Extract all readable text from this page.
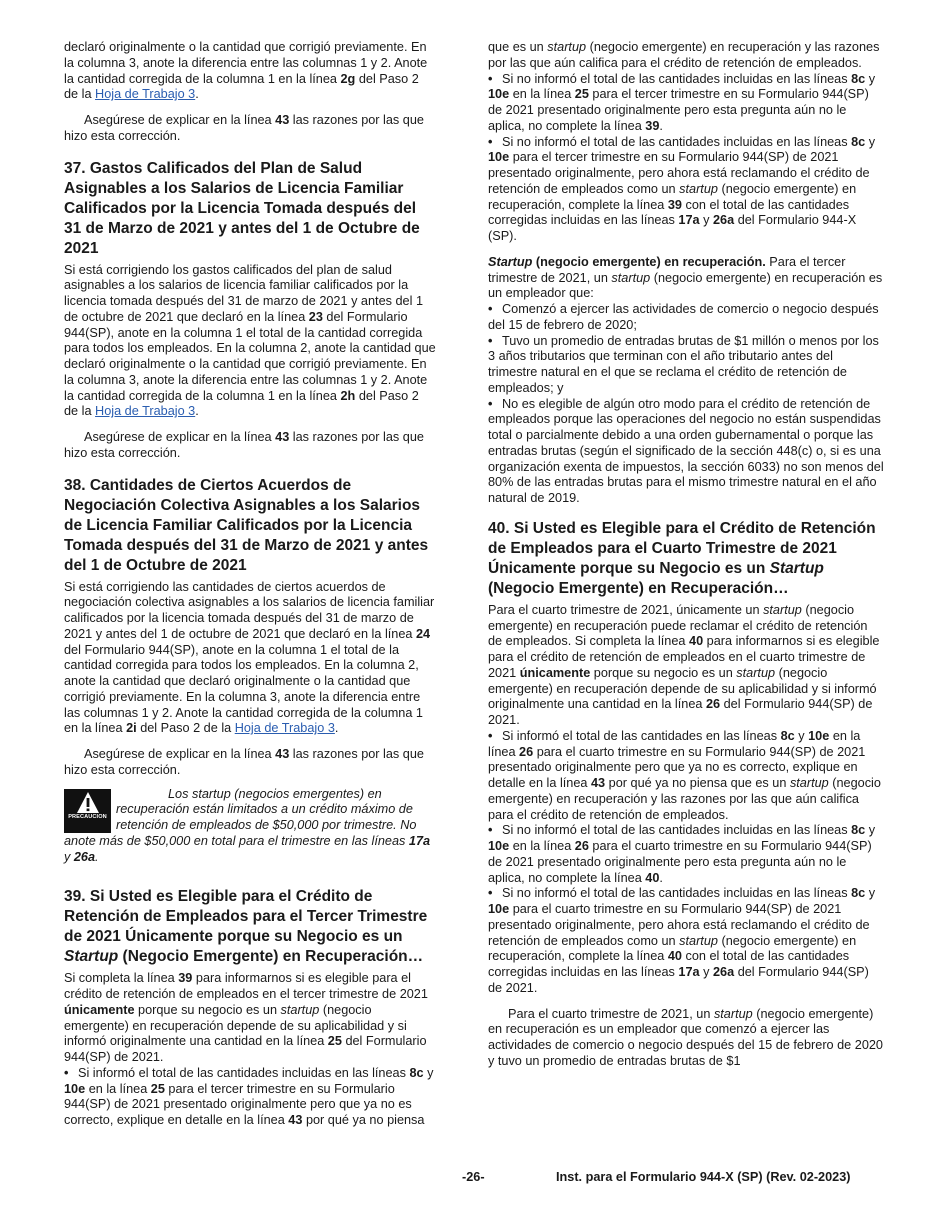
declaró originalmente o la cantidad que corrigió previamente. En la columna 3, anote la diferencia entre las columnas 1 y 2. Anote la cantidad corregida de la columna 1 en la línea 2g del Paso 2 de la Hoja de Trabajo 3.

Asegúrese de explicar en la línea 43 las razones por las que hizo esta corrección.

37. Gastos Calificados del Plan de Salud Asignables a los Salarios de Licencia Familiar Calificados por la Licencia Tomada después del 31 de Marzo de 2021 y antes del 1 de Octubre de 2021

Si está corrigiendo los gastos calificados del plan de salud asignables a los salarios de licencia familiar calificados por la licencia tomada después del 31 de marzo de 2021 y antes del 1 de octubre de 2021 que declaró en la línea 23 del Formulario 944(SP), anote en la columna 1 el total de la cantidad corregida para todos los empleados. En la columna 2, anote la cantidad que declaró originalmente o la cantidad que corrigió previamente. En la columna 3, anote la diferencia entre las columnas 1 y 2. Anote la cantidad corregida de la columna 1 en la línea 2h del Paso 2 de la Hoja de Trabajo 3.

Asegúrese de explicar en la línea 43 las razones por las que hizo esta corrección.

38. Cantidades de Ciertos Acuerdos de Negociación Colectiva Asignables a los Salarios de Licencia Familiar Calificados por la Licencia Tomada después del 31 de Marzo de 2021 y antes del 1 de Octubre de 2021

Si está corrigiendo las cantidades de ciertos acuerdos de negociación colectiva asignables a los salarios de licencia familiar calificados por la licencia tomada después del 31 de marzo de 2021 y antes del 1 de octubre de 2021 que declaró en la línea 24 del Formulario 944(SP), anote en la columna 1 el total de la cantidad corregida para todos los empleados. En la columna 2, anote la cantidad que declaró originalmente o la cantidad que corrigió previamente. En la columna 3, anote la diferencia entre las columnas 1 y 2. Anote la cantidad corregida de la columna 1 en la línea 2i del Paso 2 de la Hoja de Trabajo 3.

Asegúrese de explicar en la línea 43 las razones por las que hizo esta corrección.

PRECAUCION

Los startup (negocios emergentes) en recuperación están limitados a un crédito máximo de retención de empleados de $50,000 por trimestre. No anote más de $50,000 en total para el trimestre en las líneas 17a y 26a.

39. Si Usted es Elegible para el Crédito de Retención de Empleados para el Tercer Trimestre de 2021 Únicamente porque su Negocio es un Startup (Negocio Emergente) en Recuperación…

Si completa la línea 39 para informarnos si es elegible para el crédito de retención de empleados en el tercer trimestre de 2021 únicamente porque su negocio es un startup (negocio emergente) en recuperación depende de su aplicabilidad y si informó originalmente una cantidad en la línea 25 del Formulario 944(SP) de 2021.

• Si informó el total de las cantidades incluidas en las líneas 8c y 10e en la línea 25 para el tercer trimestre en su Formulario 944(SP) de 2021 presentado originalmente pero que ya no es correcto, explique en detalle en la línea 43 por qué ya no piensa

que es un startup (negocio emergente) en recuperación y las razones por las que aún califica para el crédito de retención de empleados.

• Si no informó el total de las cantidades incluidas en las líneas 8c y 10e en la línea 25 para el tercer trimestre en su Formulario 944(SP) de 2021 presentado originalmente pero esta pregunta aún no le aplica, no complete la línea 39.

• Si no informó el total de las cantidades incluidas en las líneas 8c y 10e para el tercer trimestre en su Formulario 944(SP) de 2021 presentado originalmente, pero ahora está reclamando el crédito de retención de empleados como un startup (negocio emergente) en recuperación, complete la línea 39 con el total de las cantidades corregidas incluidas en las líneas 17a y 26a del Formulario 944-X (SP).

Startup (negocio emergente) en recuperación. Para el tercer trimestre de 2021, un startup (negocio emergente) en recuperación es un empleador que:

• Comenzó a ejercer las actividades de comercio o negocio después del 15 de febrero de 2020;

• Tuvo un promedio de entradas brutas de $1 millón o menos por los 3 años tributarios que terminan con el año tributario antes del trimestre natural en el que se reclama el crédito de retención de empleados; y

• No es elegible de algún otro modo para el crédito de retención de empleados porque las operaciones del negocio no están suspendidas total o parcialmente debido a una orden gubernamental o porque las entradas brutas (según el significado de la sección 448(c) o, si es una organización exenta de impuestos, la sección 6033) no son menos del 80% de las entradas brutas para el mismo trimestre natural en el año natural de 2019.

40. Si Usted es Elegible para el Crédito de Retención de Empleados para el Cuarto Trimestre de 2021 Únicamente porque su Negocio es un Startup (Negocio Emergente) en Recuperación…

Para el cuarto trimestre de 2021, únicamente un startup (negocio emergente) en recuperación puede reclamar el crédito de retención de empleados. Si completa la línea 40 para informarnos si es elegible para el crédito de retención de empleados en el cuarto trimestre de 2021 únicamente porque su negocio es un startup (negocio emergente) en recuperación depende de su aplicabilidad y si informó originalmente una cantidad en la línea 26 del Formulario 944(SP) de 2021.

• Si informó el total de las cantidades en las líneas 8c y 10e en la línea 26 para el cuarto trimestre en su Formulario 944(SP) de 2021 presentado originalmente pero que ya no es correcto, explique en detalle en la línea 43 por qué ya no piensa que es un startup (negocio emergente) en recuperación y las razones por las que aún califica para el crédito de retención de empleados.

• Si no informó el total de las cantidades incluidas en las líneas 8c y 10e en la línea 26 para el cuarto trimestre en su Formulario 944(SP) de 2021 presentado originalmente pero esta pregunta aún no le aplica, no complete la línea 40.

• Si no informó el total de las cantidades incluidas en las líneas 8c y 10e para el cuarto trimestre en su Formulario 944(SP) de 2021 presentado originalmente, pero ahora está reclamando el crédito de retención de empleados como un startup (negocio emergente) en recuperación, complete la línea 40 con el total de las cantidades corregidas incluidas en las líneas 17a y 26a del Formulario 944(SP) de 2021.

Para el cuarto trimestre de 2021, un startup (negocio emergente) en recuperación es un empleador que comenzó a ejercer las actividades de comercio o negocio después del 15 de febrero de 2020 y tuvo un promedio de entradas brutas de $1

-26-	Inst. para el Formulario 944-X (SP) (Rev. 02-2023)
